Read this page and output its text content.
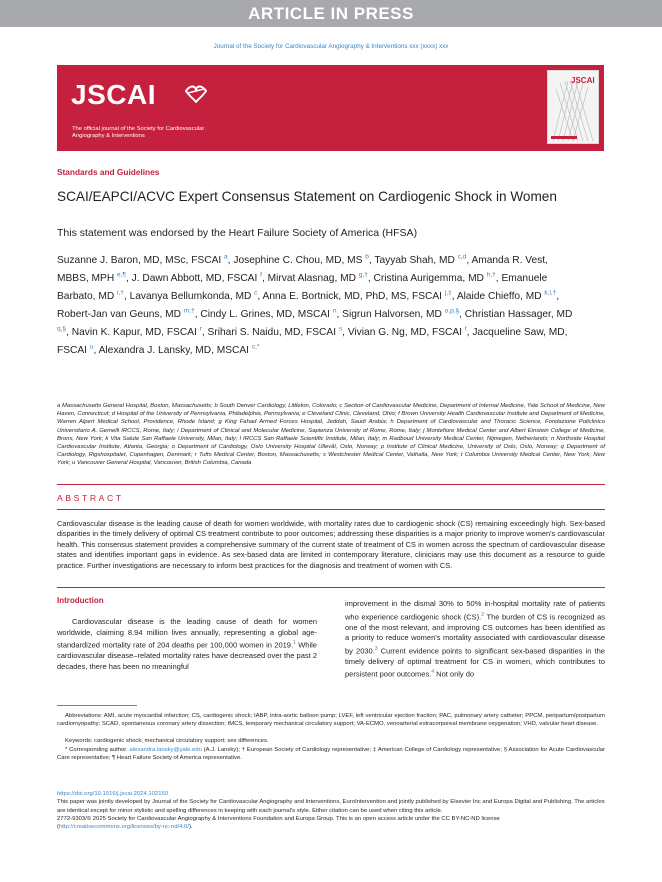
ARTICLE IN PRESS
Journal of the Society for Cardiovascular Angiography & Interventions xxx (xxxx) xxx
JSCAI
The official journal of the Society for Cardiovascular Angiography & Interventions
JSCAI
Standards and Guidelines
SCAI/EAPCI/ACVC Expert Consensus Statement on Cardiogenic Shock in Women
This statement was endorsed by the Heart Failure Society of America (HFSA)
Suzanne J. Baron, MD, MSc, FSCAI $^a$, Josephine C. Chou, MD, MS $^b$, Tayyab Shah, MD $^{c,d}$, Amanda R. Vest, MBBS, MPH $^{e,\P}$, J. Dawn Abbott, MD, FSCAI $^f$, Mirvat Alasnag, MD $^{g,\dagger}$, Cristina Aurigemma, MD $^{h,\dagger}$, Emanuele Barbato, MD $^{i,\dagger}$, Lavanya Bellumkonda, MD $^c$, Anna E. Bortnick, MD, PhD, MS, FSCAI $^{j,\ddagger}$, Alaide Chieffo, MD $^{k,l,\dagger}$, Robert-Jan van Geuns, MD $^{m,\dagger}$, Cindy L. Grines, MD, MSCAI $^n$, Sigrun Halvorsen, MD $^{o,p,\S}$, Christian Hassager, MD $^{q,\S}$, Navin K. Kapur, MD, FSCAI $^r$, Srihari S. Naidu, MD, FSCAI $^s$, Vivian G. Ng, MD, FSCAI $^t$, Jacqueline Saw, MD, FSCAI $^u$, Alexandra J. Lansky, MD, MSCAI $^{c,*}$
a Massachusetts General Hospital, Boston, Massachusetts; b South Denver Cardiology, Littleton, Colorado; c Section of Cardiovascular Medicine, Department of Internal Medicine, Yale School of Medicine, New Haven, Connecticut; d Hospital of the University of Pennsylvania, Philadelphia, Pennsylvania; e Cleveland Clinic, Cleveland, Ohio; f Brown University Health Cardiovascular Institute and Department of Medicine, Warren Alpert Medical School, Providence, Rhode Island; g King Fahad Armed Forces Hospital, Jeddah, Saudi Arabia; h Department of Cardiovascular and Thoracic Science, Fondazione Policlinico Universitario A. Gemelli IRCCS, Rome, Italy; i Department of Clinical and Molecular Medicine, Sapienza University of Rome, Rome, Italy; j Montefiore Medical Center and Albert Einstein College of Medicine, Bronx, New York; k Vita Salute San Raffaele University, Milan, Italy; l IRCCS San Raffaele Scientific Institute, Milan, Italy; m Radboud University Medical Center, Nijmegen, Netherlands; n Northside Hospital Cardiovascular Institute, Atlanta, Georgia; o Department of Cardiology, Oslo University Hospital Ullevål, Oslo, Norway; p Institute of Clinical Medicine, University of Oslo, Oslo, Norway; q Department of Cardiology, Rigshospitalet, Copenhagen, Denmark; r Tufts Medical Center, Boston, Massachusetts; s Westchester Medical Center, Valhalla, New York; t Columbia University Medical Center, New York, New York; u Vancouver General Hospital, Vancouver, British Columbia, Canada
ABSTRACT
Cardiovascular disease is the leading cause of death for women worldwide, with mortality rates due to cardiogenic shock (CS) remaining exceedingly high. Sex-based disparities in the timely delivery of optimal CS treatment contribute to poor outcomes; addressing these disparities is a major priority to improve women's cardiovascular health. This consensus statement provides a comprehensive summary of the current state of treatment of CS in women across the spectrum of cardiovascular disease states and identifies important gaps in evidence. As sex-based data are limited in contemporary literature, clinicians may use this document as a resource to guide practice. Further investigations are necessary to inform best practices for the diagnosis and treatment of women with CS.
Introduction
Cardiovascular disease is the leading cause of death for women worldwide, claiming 8.94 million lives annually, representing a global age-standardized mortality rate of 204 deaths per 100,000 women in 2019.$^1$ While cardiovascular disease–related mortality rates have decreased over the past 2 decades, there has been no meaningful
improvement in the dismal 30% to 50% in-hospital mortality rate of patients who experience cardiogenic shock (CS).$^2$ The burden of CS is recognized as one of the most relevant, and improving CS outcomes has been identified as a priority to reduce women's mortality associated with cardiovascular disease by 2030.$^3$ Current evidence points to significant sex-based disparities in the timely delivery of optimal treatment for CS in women, which contributes to persistent poor outcomes.$^4$ Not only do
Abbreviations: AMI, acute myocardial infarction; CS, cardiogenic shock; IABP, intra-aortic balloon pump; LVEF, left ventricular ejection fraction; PAC, pulmonary artery catheter; PPCM, peripartum/postpartum cardiomyopathy; SCAD, spontaneous coronary artery dissection; tMCS, temporary mechanical circulatory support; VA-ECMO, venoarterial extracorporeal membrane oxygenation; VHD, valvular heart disease.
Keywords: cardiogenic shock; mechanical circulatory support; sex differences.
* Corresponding author. alexandra.lansky@yale.edu (A.J. Lansky); † European Society of Cardiology representative; ‡ American College of Cardiology representative; § Association for Acute Cardiovascular Care representative; ¶ Heart Failure Society of America representative.
https://doi.org/10.1016/j.jscai.2024.102150
This paper was jointly developed by Journal of the Society for Cardiovascular Angiography and Interventions, EuroIntervention and jointly published by Elsevier Inc and Europa Digital and Publishing. The articles are identical except for minor stylistic and spelling differences in keeping with each journal's style. Either citation can be used when citing this article.
2772-9303/© 2025 Society for Cardiovascular Angiography & Interventions Foundation and Europa Group. This is an open access article under the CC BY-NC-ND license (http://creativecommons.org/licenses/by-nc-nd/4.0/).
